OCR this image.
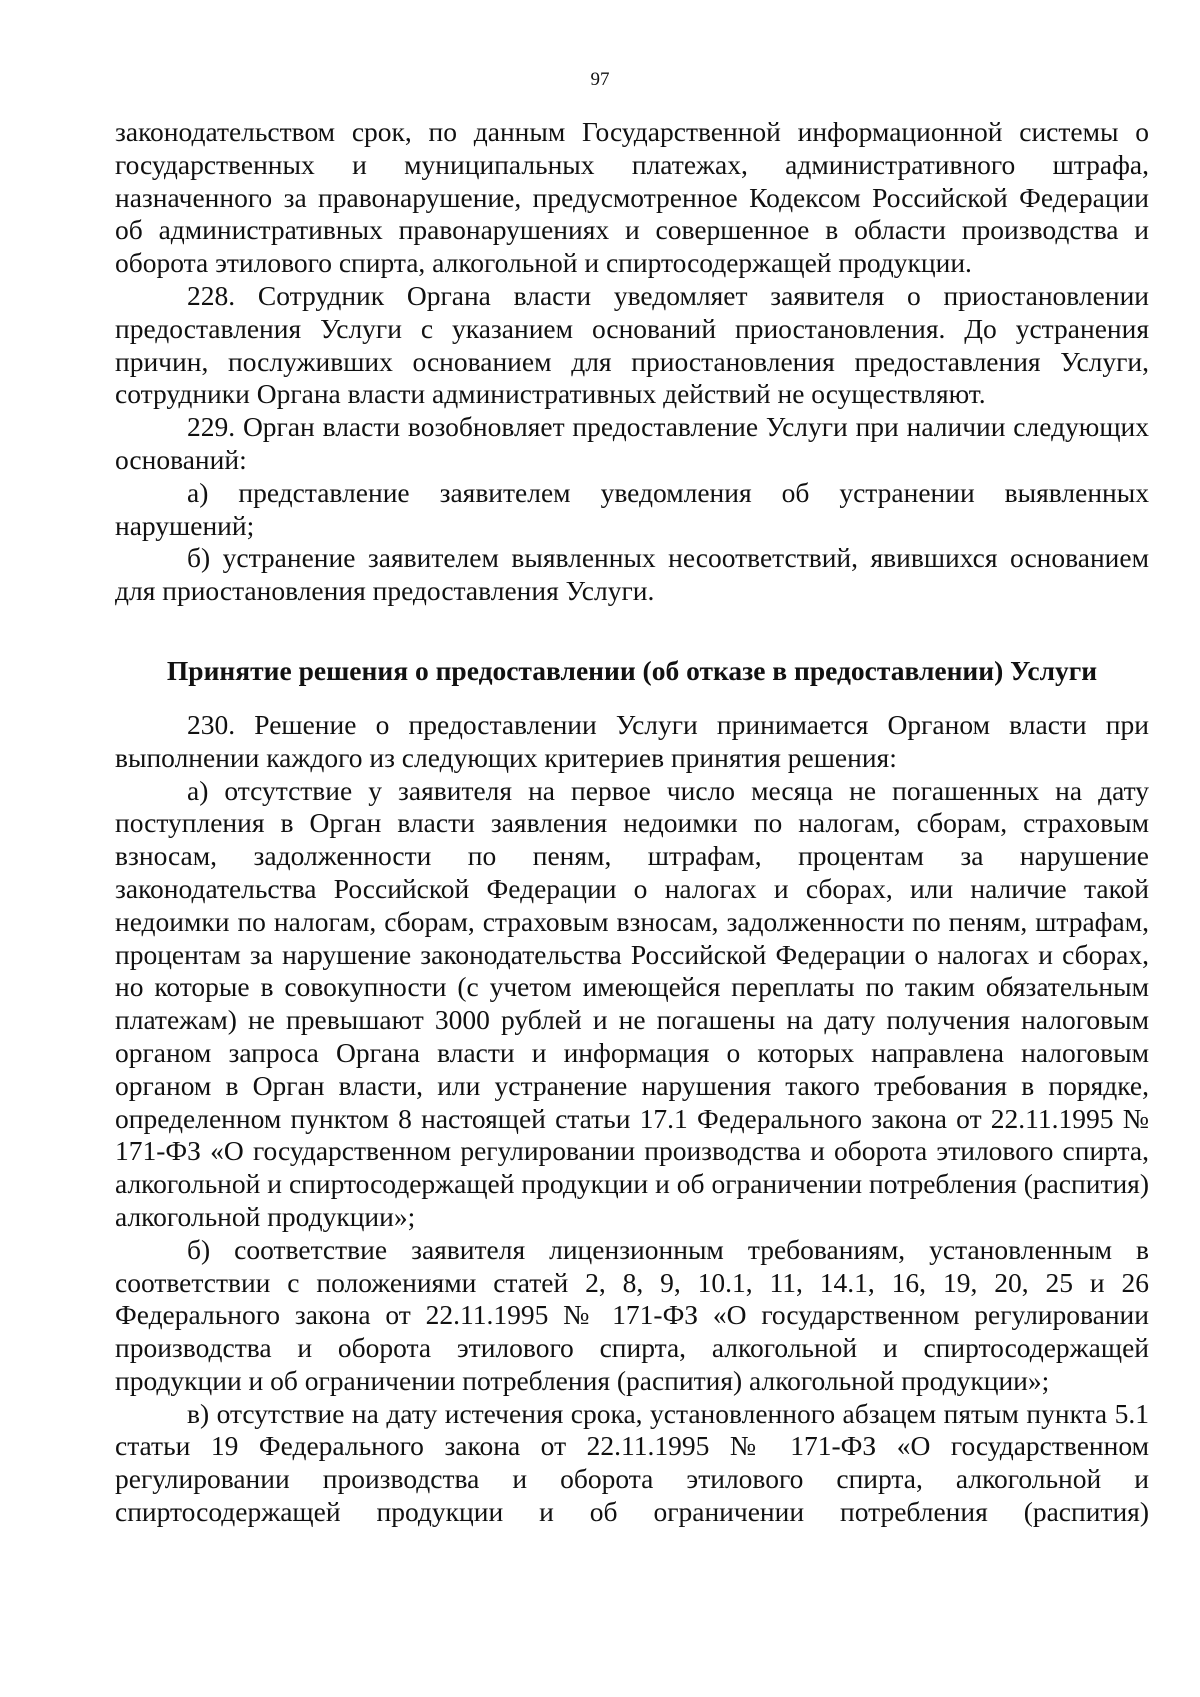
97

законодательством срок, по данным Государственной информационной системы о государственных и муниципальных платежах, административного штрафа, назначенного за правонарушение, предусмотренное Кодексом Российской Федерации об административных правонарушениях и совершенное в области производства и оборота этилового спирта, алкогольной и спиртосодержащей продукции.

228. Сотрудник Органа власти уведомляет заявителя о приостановлении предоставления Услуги с указанием оснований приостановления. До устранения причин, послуживших основанием для приостановления предоставления Услуги, сотрудники Органа власти административных действий не осуществляют.

229. Орган власти возобновляет предоставление Услуги при наличии следующих оснований:

а) представление заявителем уведомления об устранении выявленных нарушений;

б) устранение заявителем выявленных несоответствий, явившихся основанием для приостановления предоставления Услуги.

Принятие решения о предоставлении (об отказе в предоставлении) Услуги

230. Решение о предоставлении Услуги принимается Органом власти при выполнении каждого из следующих критериев принятия решения:

а) отсутствие у заявителя на первое число месяца не погашенных на дату поступления в Орган власти заявления недоимки по налогам, сборам, страховым взносам, задолженности по пеням, штрафам, процентам за нарушение законодательства Российской Федерации о налогах и сборах, или наличие такой недоимки по налогам, сборам, страховым взносам, задолженности по пеням, штрафам, процентам за нарушение законодательства Российской Федерации о налогах и сборах, но которые в совокупности (с учетом имеющейся переплаты по таким обязательным платежам) не превышают 3000 рублей и не погашены на дату получения налоговым органом запроса Органа власти и информация о которых направлена налоговым органом в Орган власти, или устранение нарушения такого требования в порядке, определенном пунктом 8 настоящей статьи 17.1 Федерального закона от 22.11.1995 № 171-ФЗ «О государственном регулировании производства и оборота этилового спирта, алкогольной и спиртосодержащей продукции и об ограничении потребления (распития) алкогольной продукции»;

б) соответствие заявителя лицензионным требованиям, установленным в соответствии с положениями статей 2, 8, 9, 10.1, 11, 14.1, 16, 19, 20, 25 и 26 Федерального закона от 22.11.1995 № 171-ФЗ «О государственном регулировании производства и оборота этилового спирта, алкогольной и спиртосодержащей продукции и об ограничении потребления (распития) алкогольной продукции»;

в) отсутствие на дату истечения срока, установленного абзацем пятым пункта 5.1 статьи 19 Федерального закона от 22.11.1995 № 171-ФЗ «О государственном регулировании производства и оборота этилового спирта, алкогольной и спиртосодержащей продукции и об ограничении потребления (распития)
